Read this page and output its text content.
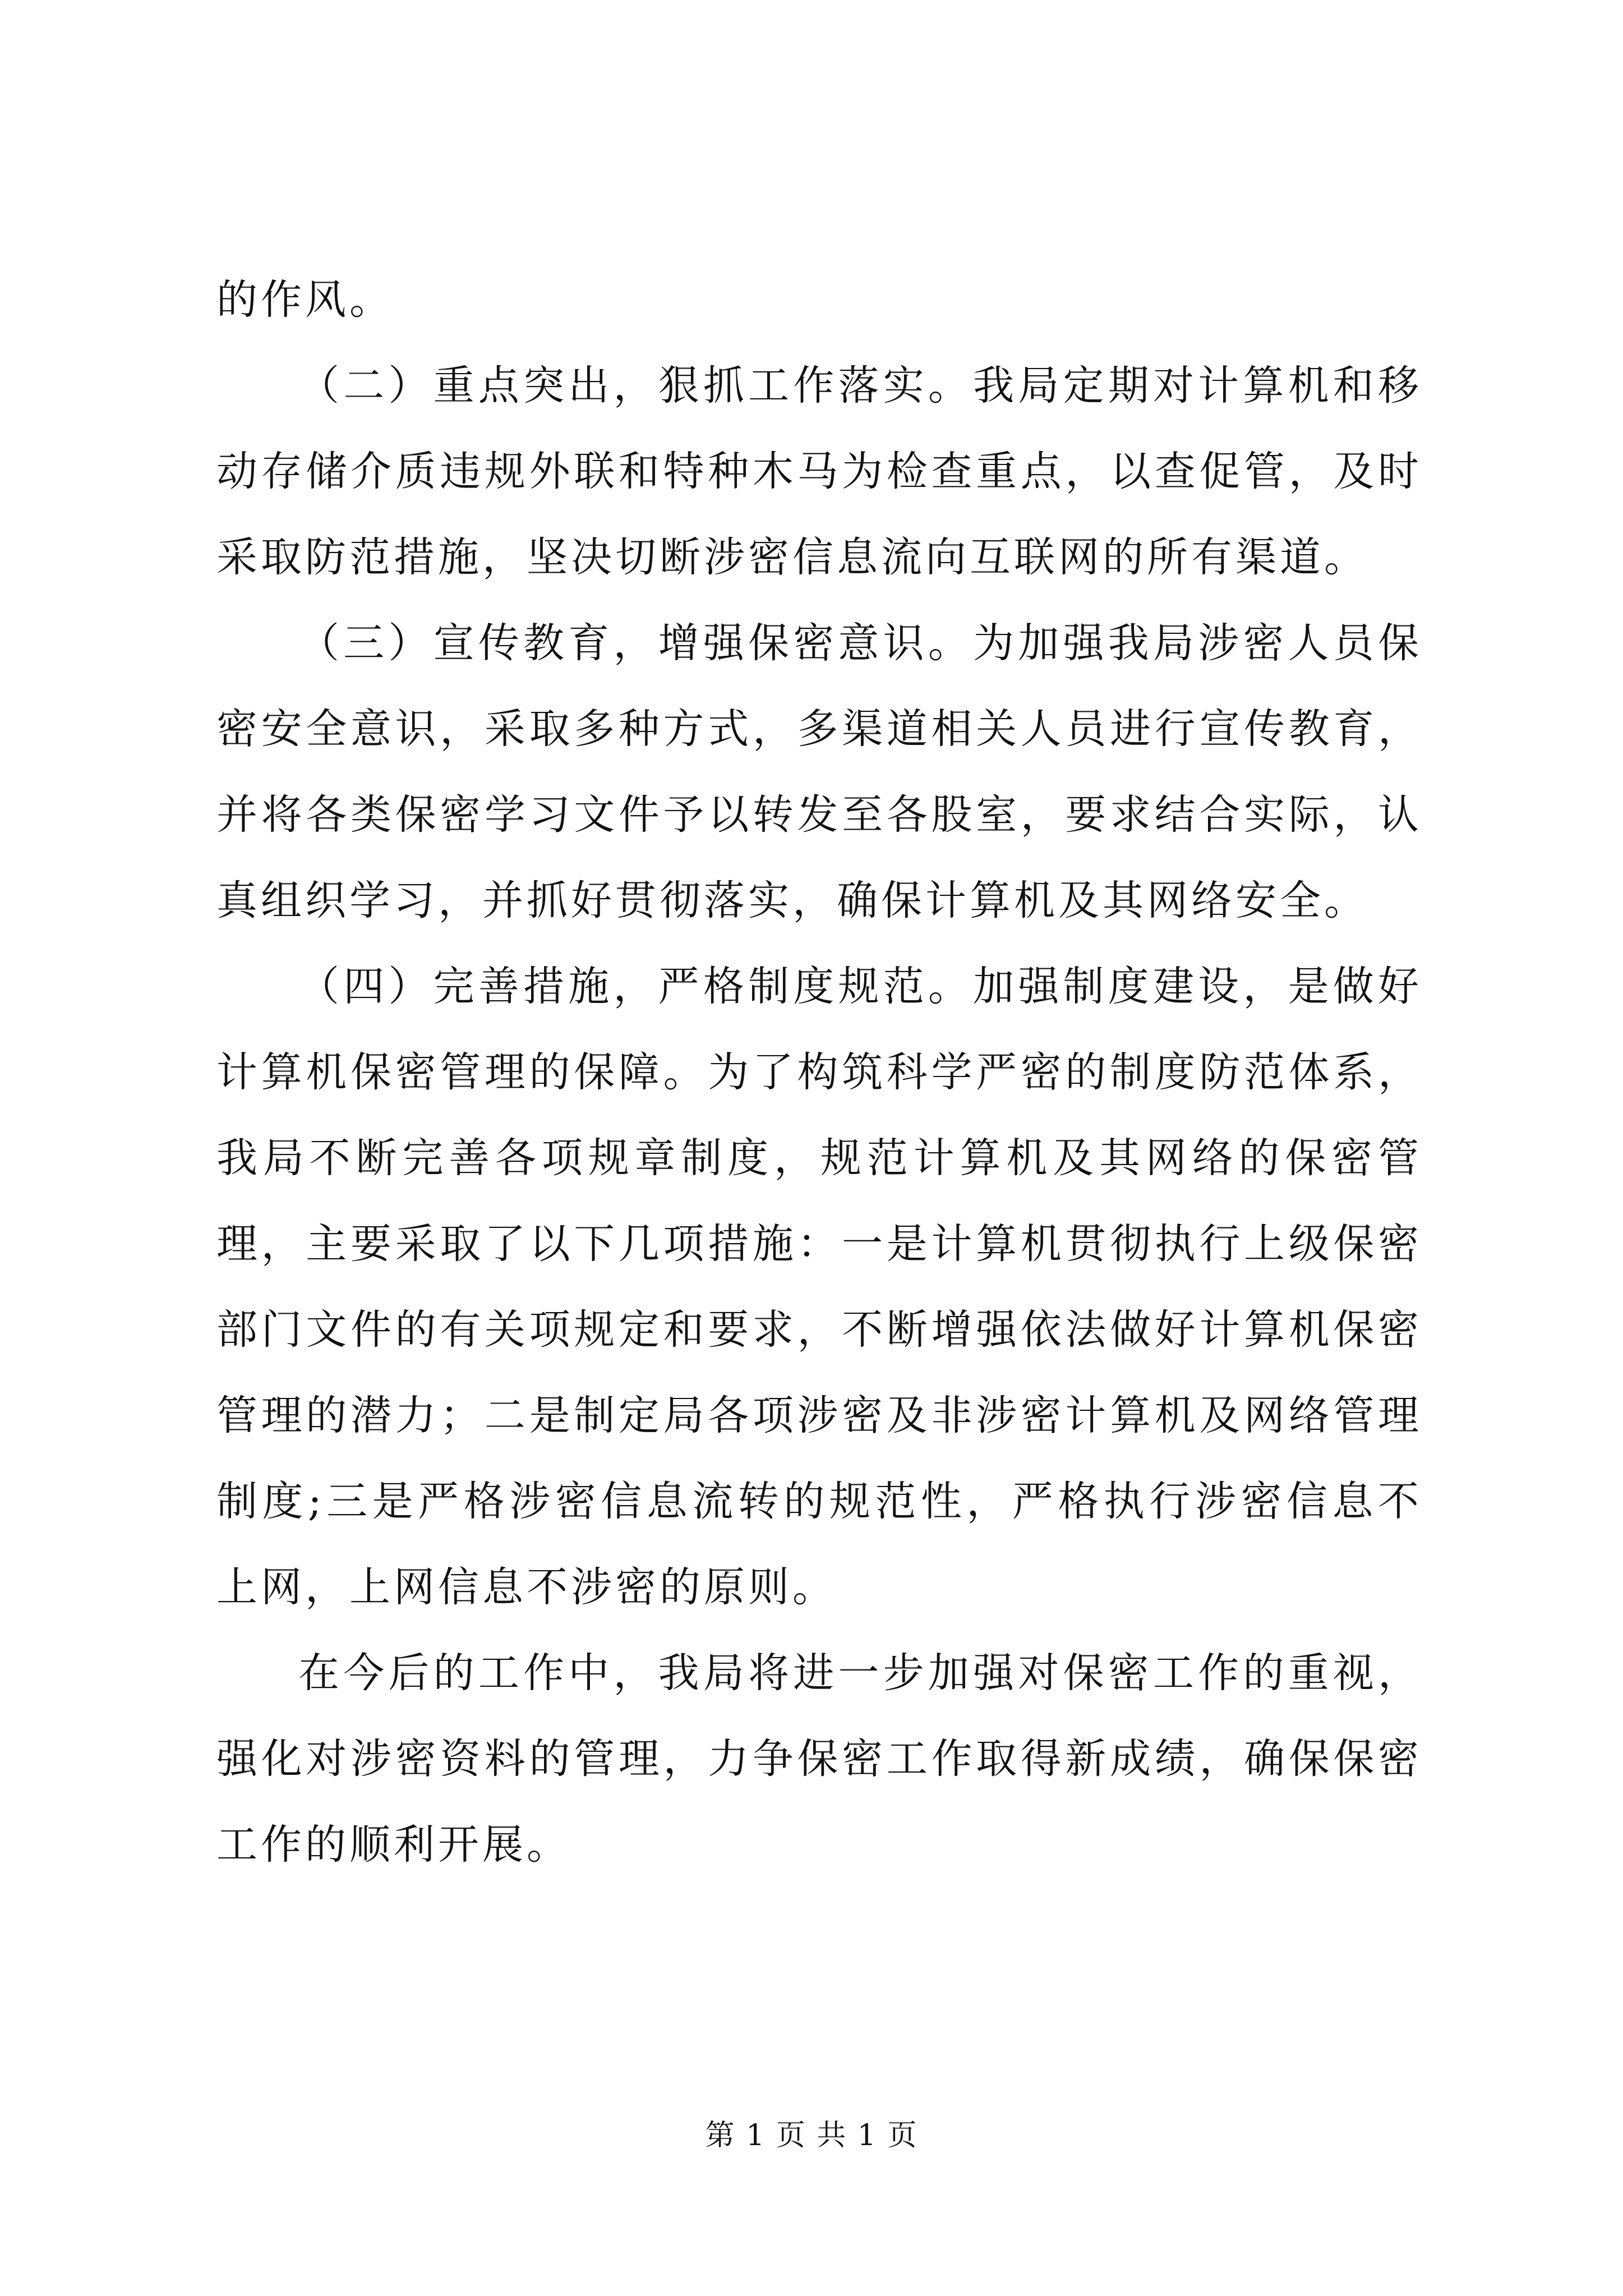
的作风。

（二）重点突出，狠抓工作落实。我局定期对计算机和移动存储介质违规外联和特种木马为检查重点，以查促管，及时采取防范措施，坚决切断涉密信息流向互联网的所有渠道。

（三）宣传教育，增强保密意识。为加强我局涉密人员保密安全意识，采取多种方式，多渠道相关人员进行宣传教育，并将各类保密学习文件予以转发至各股室，要求结合实际，认真组织学习，并抓好贯彻落实，确保计算机及其网络安全。

（四）完善措施，严格制度规范。加强制度建设，是做好计算机保密管理的保障。为了构筑科学严密的制度防范体系，我局不断完善各项规章制度，规范计算机及其网络的保密管理，主要采取了以下几项措施：一是计算机贯彻执行上级保密部门文件的有关项规定和要求，不断增强依法做好计算机保密管理的潜力；二是制定局各项涉密及非涉密计算机及网络管理制度;三是严格涉密信息流转的规范性，严格执行涉密信息不上网，上网信息不涉密的原则。

在今后的工作中，我局将进一步加强对保密工作的重视，强化对涉密资料的管理，力争保密工作取得新成绩，确保保密工作的顺利开展。

第 1 页 共 1 页
